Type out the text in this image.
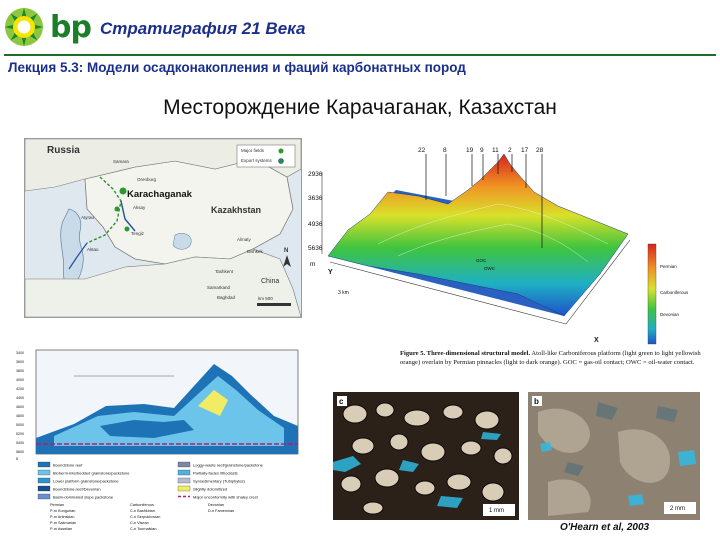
bp Стратиграфия 21 Века
Лекция 5.3: Модели осадконакопления и фаций карбонатных пород
Месторождение Карачаганак, Казахстан
Russia
Kazakhstan
China
Karachaganak
Major fields
Export systems
Samara
Orenburg
Aksay
Atyrau
Tengiz
Aktau
Almaty
Bishkek
Tashkent
Samarkand
Baghdad
N
km 500
22	8	19 9 11 2 17 28
2936
3636
4936
5636
m
GOC
OWC	Permian
Carboniferous
Devonian
3 km
Y
X
Figure 5. Three-dimensional structural model. Atoll-like Carboniferous platform (light green to light yellowish orange) overlain by Permian pinnacles (light to dark orange). GOC = gas-oil contact; OWC = oil-water contact.
3400
3600
3800
4000
4200
4400
4600
4800
5000
5200
5400
5600
6
Boundstone reef
Bioherm-interbedded grainstone/packstone
Lower platform grainstone/packstone
Boundstone-reef/Devonian
Basin-dominated slope packstone
Loggy-waste reef/grainstone/packstone
Partially-facies lithoclasts
Synsedimentary (Tubiphytes)
Slightly dolomitized
Major unconformity with shaley crest
Permian
P-m Kungurian
P-m Artinskian
P-m Sakmarian
P-m Asselian
Carboniferous
C-n Bashkirian
C-n Serpukhovian
C-n Visean
C-n Tournaisian
Devonian
D-n Famennian
c
1 mm
b
2 mm
O'Hearn et al, 2003
